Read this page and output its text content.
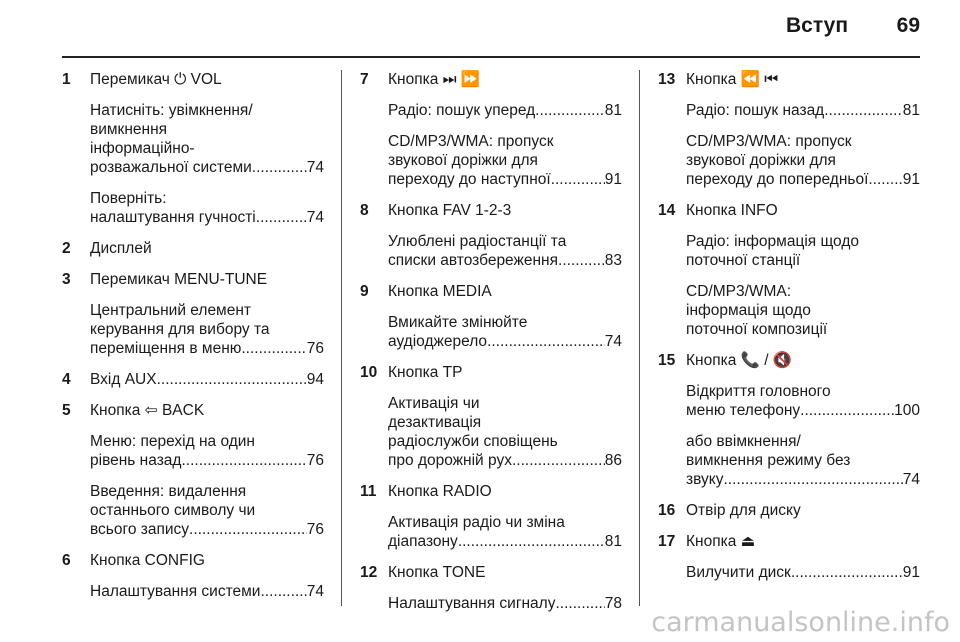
Вступ 69
1 Перемикач ⏻ VOL
Натисніть: увімкнення/
вимкнення
інформаційно-
розважальної системи .....	74
Поверніть:
налаштування гучності .....	74
2 Дисплей
3 Перемикач MENU-TUNE
Центральний елемент
керування для вибору та
переміщення в меню .....	76
4 Вхід AUX .....	94
5 Кнопка ⇦ BACK
Меню: перехід на один
рівень назад .....	76
Введення: видалення
останнього символу чи
всього запису .....	76
6 Кнопка CONFIG
Налаштування системи .....	74
7 Кнопка ⏭ ⏩
Радіо: пошук уперед .....	81
CD/MP3/WMA: пропуск
звукової доріжки для
переходу до наступної .....	91
8 Кнопка FAV 1-2-3
Улюблені радіостанції та
списки автозбереження .....	83
9 Кнопка MEDIA
Вмикайте змінюйте
аудіоджерело .....	74
10 Кнопка TP
Активація чи
дезактивація
радіослужби сповіщень
про дорожній рух .....	86
11 Кнопка RADIO
Активація радіо чи зміна
діапазону .....	81
12 Кнопка TONE
Налаштування сигналу .....	78
13 Кнопка ⏪ ⏮
Радіо: пошук назад .....	81
CD/MP3/WMA: пропуск
звукової доріжки для
переходу до попередньої ..... 91
14 Кнопка INFO
Радіо: інформація щодо
поточної станції
CD/MP3/WMA:
інформація щодо
поточної композиції
15 Кнопка 📞 / 🔇
Відкриття головного
меню телефону .....	100
або ввімкнення/
вимкнення режиму без
звуку .....	74
16 Отвір для диску
17 Кнопка ⏏
Вилучити диск .....	91
carmanualsonline.info
